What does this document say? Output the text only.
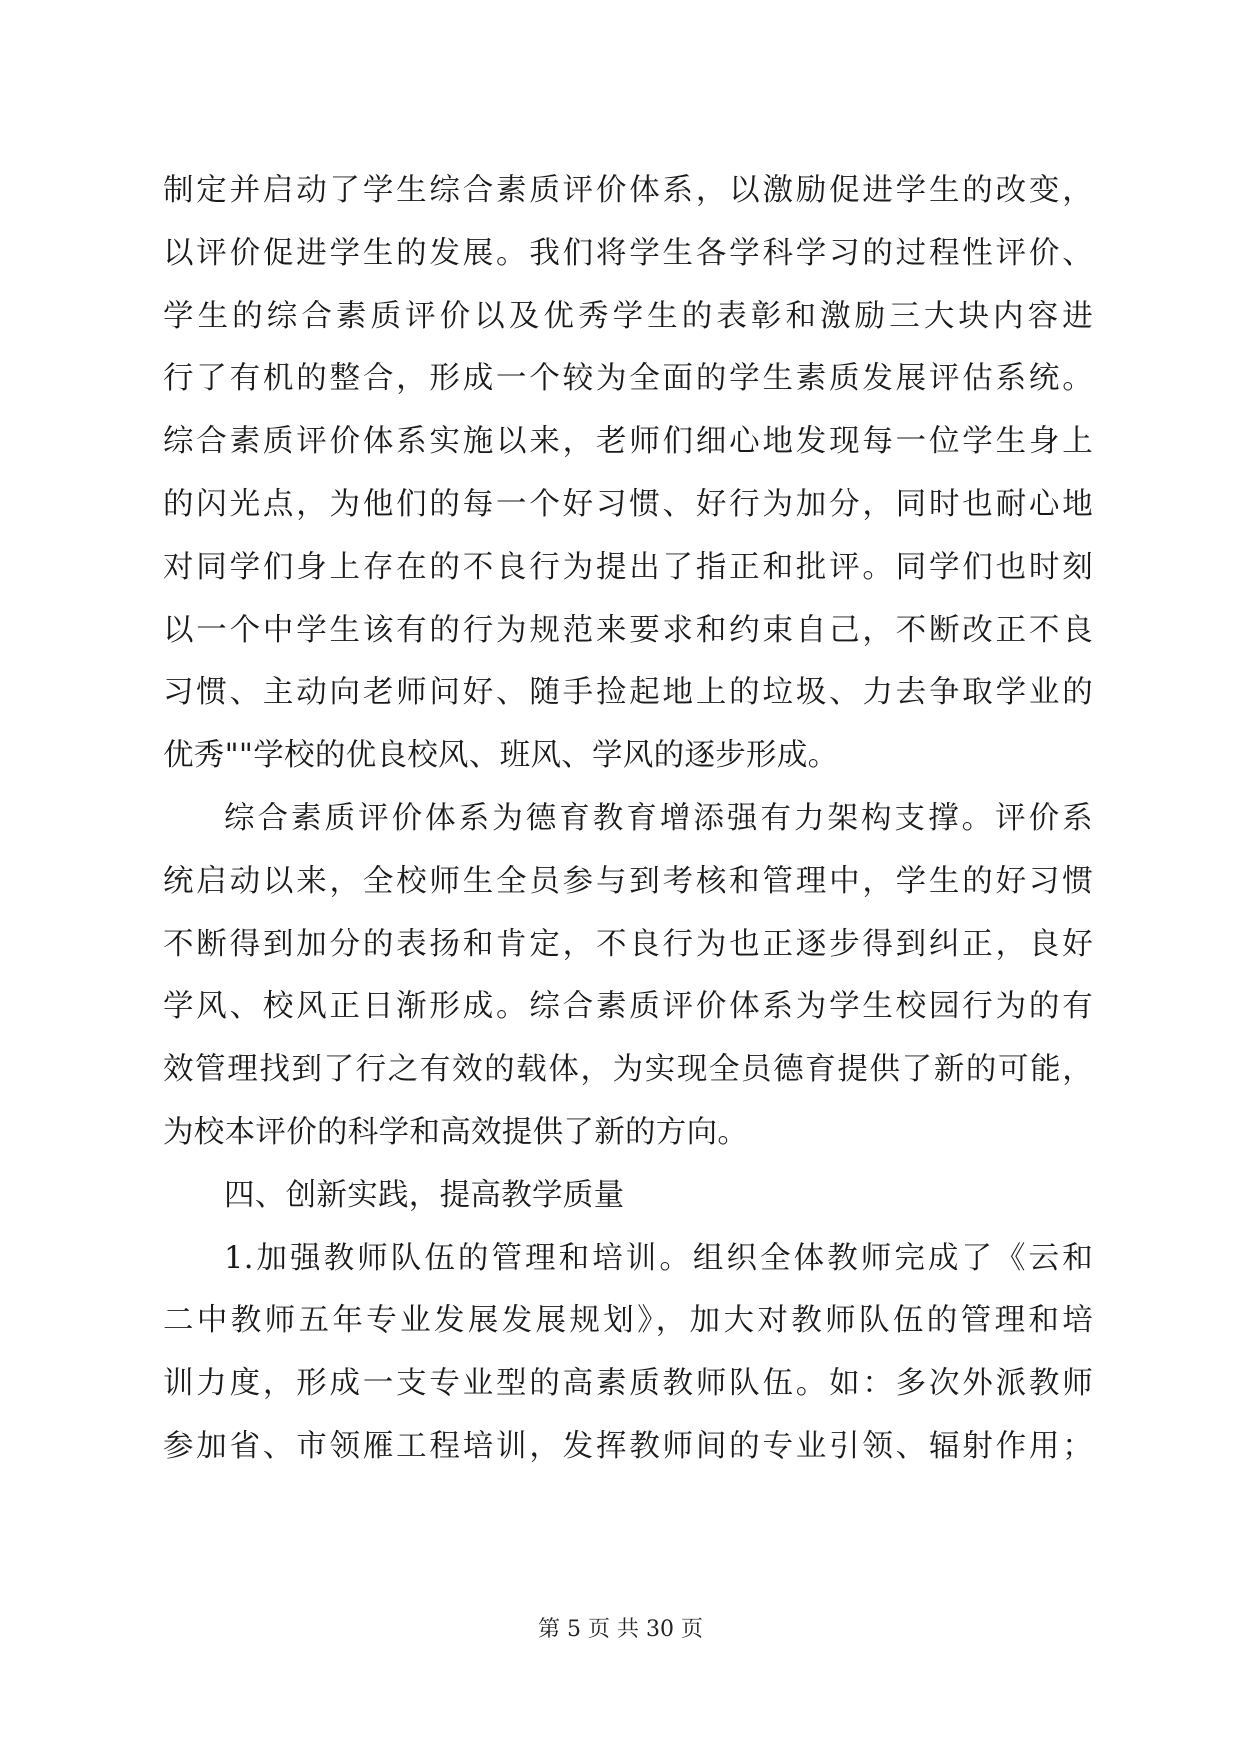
制定并启动了学生综合素质评价体系，以激励促进学生的改变，
以评价促进学生的发展。我们将学生各学科学习的过程性评价、
学生的综合素质评价以及优秀学生的表彰和激励三大块内容进
行了有机的整合，形成一个较为全面的学生素质发展评估系统。
综合素质评价体系实施以来，老师们细心地发现每一位学生身上
的闪光点，为他们的每一个好习惯、好行为加分，同时也耐心地
对同学们身上存在的不良行为提出了指正和批评。同学们也时刻
以一个中学生该有的行为规范来要求和约束自己，不断改正不良
习惯、主动向老师问好、随手捡起地上的垃圾、力去争取学业的
优秀""学校的优良校风、班风、学风的逐步形成。
综合素质评价体系为德育教育增添强有力架构支撑。评价系
统启动以来，全校师生全员参与到考核和管理中，学生的好习惯
不断得到加分的表扬和肯定，不良行为也正逐步得到纠正，良好
学风、校风正日渐形成。综合素质评价体系为学生校园行为的有
效管理找到了行之有效的载体，为实现全员德育提供了新的可能，
为校本评价的科学和高效提供了新的方向。
四、创新实践，提高教学质量
1.加强教师队伍的管理和培训。组织全体教师完成了《云和
二中教师五年专业发展发展规划》，加大对教师队伍的管理和培
训力度，形成一支专业型的高素质教师队伍。如：多次外派教师
参加省、市领雁工程培训，发挥教师间的专业引领、辐射作用；
第 5 页 共 30 页
